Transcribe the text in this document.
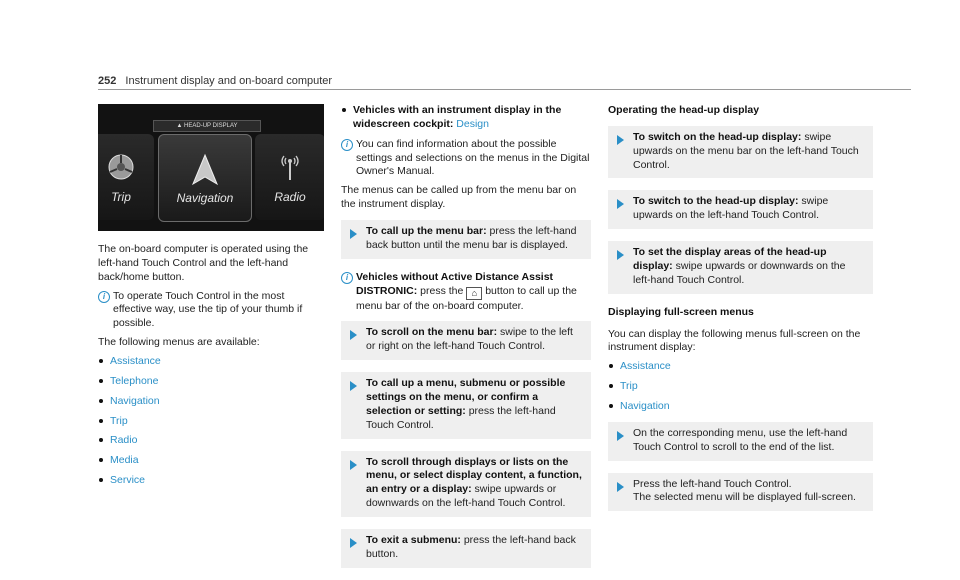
252 Instrument display and on-board computer
▲ HEAD-UP DISPLAY
Trip	Navigation	Radio

The on-board computer is operated using the left-hand Touch Control and the left-hand back/home button.

i To operate Touch Control in the most effective way, use the tip of your thumb if possible.

The following menus are available:

Assistance
Telephone
Navigation
Trip
Radio
Media
Service
Vehicles with an instrument display in the widescreen cockpit: Design
i You can find information about the possible settings and selections on the menus in the Digital Owner's Manual.

The menus can be called up from the menu bar on the instrument display.

To call up the menu bar: press the left-hand back button until the menu bar is displayed.
i Vehicles without Active Distance Assist DISTRONIC: press the ⌂ button to call up the menu bar of the on-board computer.
To scroll on the menu bar: swipe to the left or right on the left-hand Touch Control.
To call up a menu, submenu or possible settings on the menu, or confirm a selection or setting: press the left-hand Touch Control.
To scroll through displays or lists on the menu, or select display content, a function, an entry or a display: swipe upwards or downwards on the left-hand Touch Control.
To exit a submenu: press the left-hand back button.

Operating the head-up display

To switch on the head-up display: swipe upwards on the menu bar on the left-hand Touch Control.
To switch to the head-up display: swipe upwards on the left-hand Touch Control.
To set the display areas of the head-up display: swipe upwards or downwards on the left-hand Touch Control.

Displaying full-screen menus

You can display the following menus full-screen on the instrument display:

Assistance
Trip
Navigation
On the corresponding menu, use the left-hand Touch Control to scroll to the end of the list.
Press the left-hand Touch Control.
The selected menu will be displayed full-screen.
